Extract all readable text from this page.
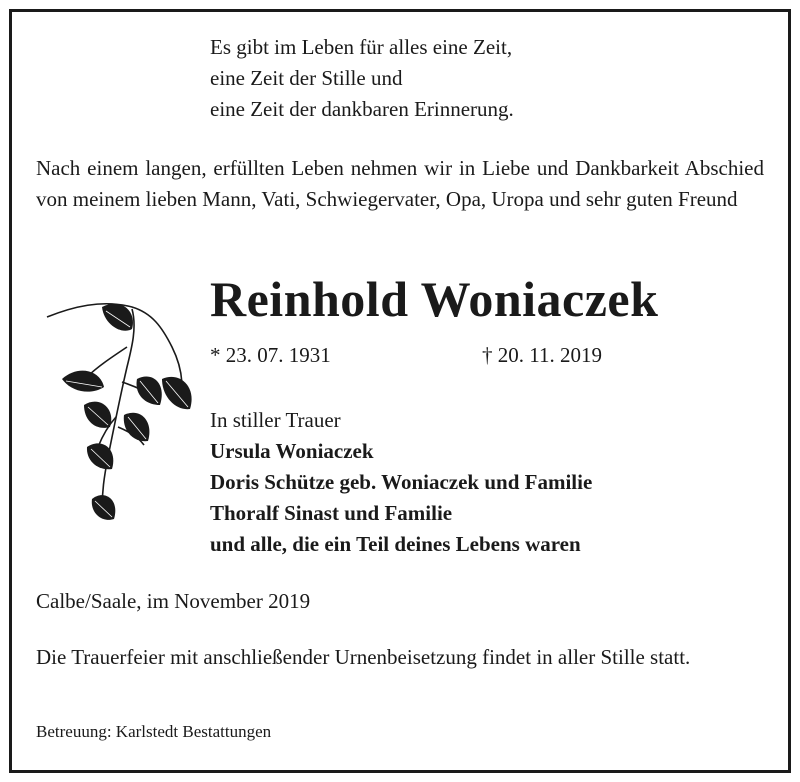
Es gibt im Leben für alles eine Zeit,
eine Zeit der Stille und
eine Zeit der dankbaren Erinnerung.
Nach einem langen, erfüllten Leben nehmen wir in Liebe und Dankbarkeit Abschied von meinem lieben Mann, Vati, Schwiegervater, Opa, Uropa und sehr guten Freund
Reinhold Woniaczek
* 23. 07. 1931	† 20. 11. 2019
In stiller Trauer
Ursula Woniaczek
Doris Schütze geb. Woniaczek und Familie
Thoralf Sinast und Familie
und alle, die ein Teil deines Lebens waren
Calbe/Saale, im November 2019
Die Trauerfeier mit anschließender Urnenbeisetzung findet in aller Stille statt.
Betreuung: Karlstedt Bestattungen
